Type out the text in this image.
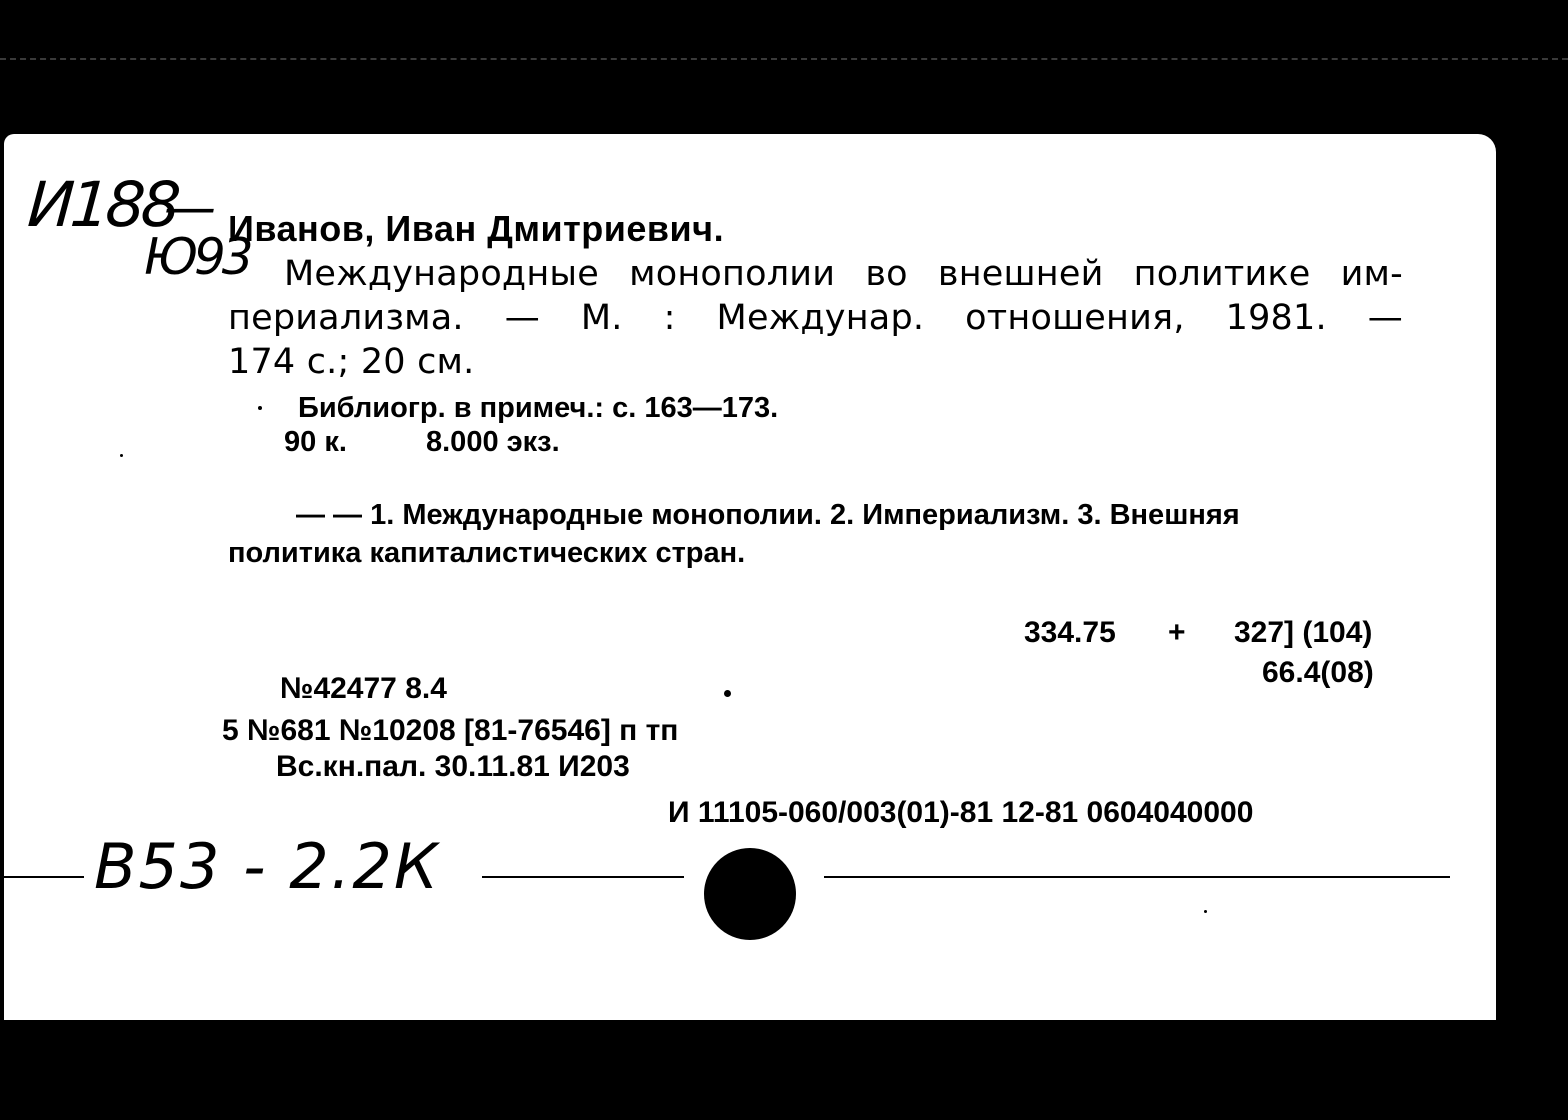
И188
—
Ю93
Иванов, Иван Дмитриевич.
Международные монополии во внешней политике им-
периализма. — М. : Междунар. отношения, 1981. —
174 с.; 20 см.
Библиогр. в примеч.: с. 163—173.
90 к.	8.000 экз.
— — 1. Международные монополии. 2. Империализм. 3. Внешняя
политика капиталистических стран.
334.75 + 327] (104)
66.4(08)
№42477 8.4
5 №681 №10208 [81-76546] п тп
Вс.кн.пал. 30.11.81 И203
И 11105-060/003(01)-81 12-81 0604040000
В53 - 2.2К
